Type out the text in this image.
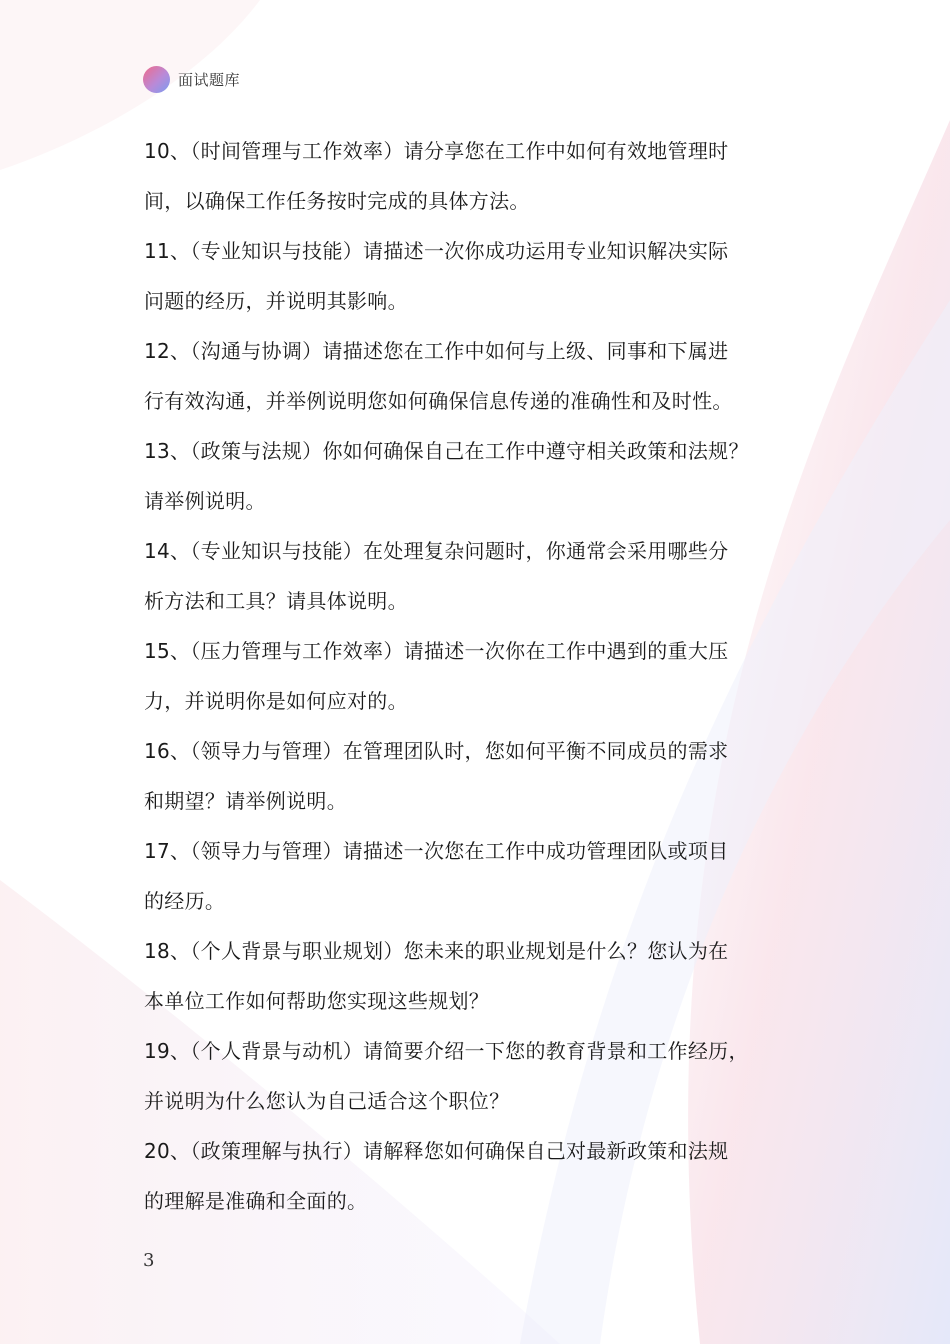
面试题库
10、（时间管理与工作效率）请分享您在工作中如何有效地管理时
间，以确保工作任务按时完成的具体方法。
11、（专业知识与技能）请描述一次你成功运用专业知识解决实际
问题的经历，并说明其影响。
12、（沟通与协调）请描述您在工作中如何与上级、同事和下属进
行有效沟通，并举例说明您如何确保信息传递的准确性和及时性。
13、（政策与法规）你如何确保自己在工作中遵守相关政策和法规？
请举例说明。
14、（专业知识与技能）在处理复杂问题时，你通常会采用哪些分
析方法和工具？请具体说明。
15、（压力管理与工作效率）请描述一次你在工作中遇到的重大压
力，并说明你是如何应对的。
16、（领导力与管理）在管理团队时，您如何平衡不同成员的需求
和期望？请举例说明。
17、（领导力与管理）请描述一次您在工作中成功管理团队或项目
的经历。
18、（个人背景与职业规划）您未来的职业规划是什么？您认为在
本单位工作如何帮助您实现这些规划？
19、（个人背景与动机）请简要介绍一下您的教育背景和工作经历，
并说明为什么您认为自己适合这个职位？
20、（政策理解与执行）请解释您如何确保自己对最新政策和法规
的理解是准确和全面的。
3
